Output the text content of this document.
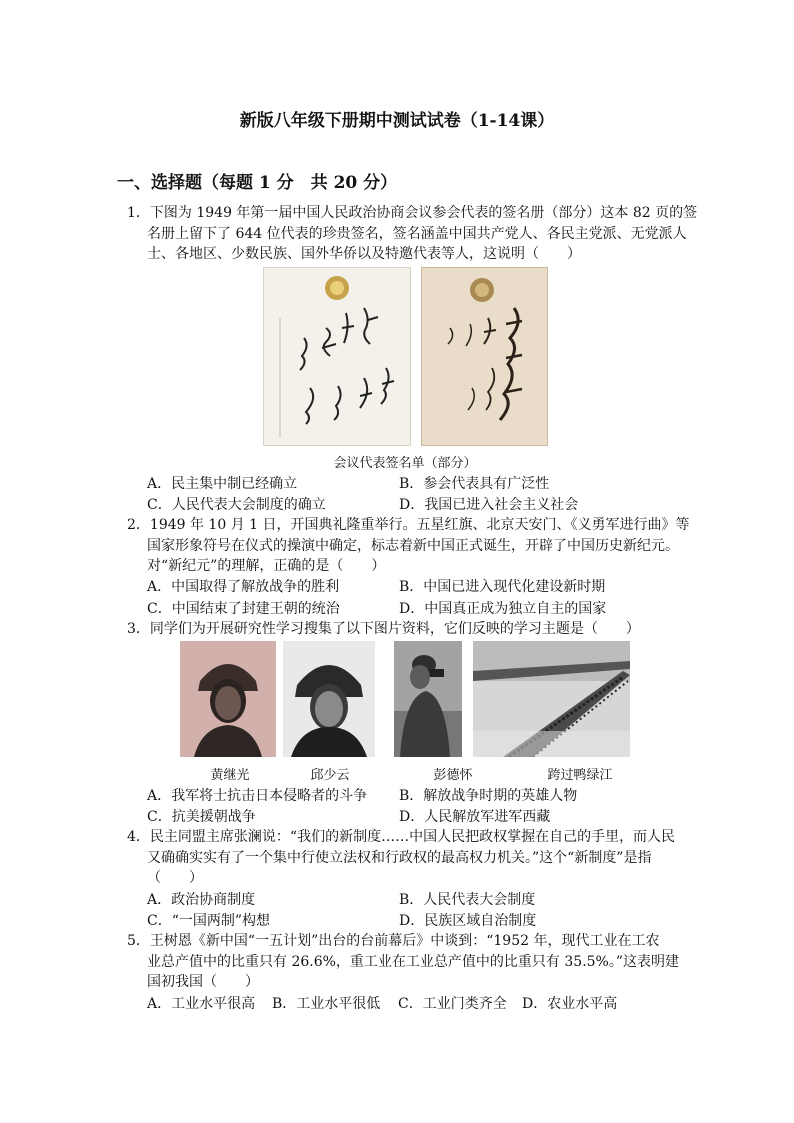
新版八年级下册期中测试试卷（1-14课）
一、选择题（每题 1 分　共 20 分）
1．下图为 1949 年第一届中国人民政治协商会议参会代表的签名册（部分）这本 82 页的签
名册上留下了 644 位代表的珍贵签名，签名涵盖中国共产党人、各民主党派、无党派人
士、各地区、少数民族、国外华侨以及特邀代表等人，这说明（　　）
会议代表签名单（部分）
A．民主集中制已经确立	B．参会代表具有广泛性
C．人民代表大会制度的确立	D．我国已进入社会主义社会
2．1949 年 10 月 1 日，开国典礼隆重举行。五星红旗、北京天安门、《义勇军进行曲》等
国家形象符号在仪式的操演中确定，标志着新中国正式诞生，开辟了中国历史新纪元。
对“新纪元”的理解，正确的是（　　）
A．中国取得了解放战争的胜利	B．中国已进入现代化建设新时期
C．中国结束了封建王朝的统治	D．中国真正成为独立自主的国家
3．同学们为开展研究性学习搜集了以下图片资料，它们反映的学习主题是（　　）
黄继光	邱少云	彭德怀	跨过鸭绿江
A．我军将士抗击日本侵略者的斗争 B．解放战争时期的英雄人物
C．抗美援朝战争	D．人民解放军进军西藏
4．民主同盟主席张澜说：“我们的新制度……中国人民把政权掌握在自己的手里，而人民
又确确实实有了一个集中行使立法权和行政权的最高权力机关。”这个“新制度”是指
（　　）
A．政治协商制度	B．人民代表大会制度
C．“一国两制”构想	D．民族区域自治制度
5．王树恩《新中国“一五计划”出台的台前幕后》中谈到：“1952 年，现代工业在工农
业总产值中的比重只有 26.6%，重工业在工业总产值中的比重只有 35.5%。”这表明建
国初我国（　　）
A．工业水平很高 B．工业水平很低 C．工业门类齐全 D．农业水平高
